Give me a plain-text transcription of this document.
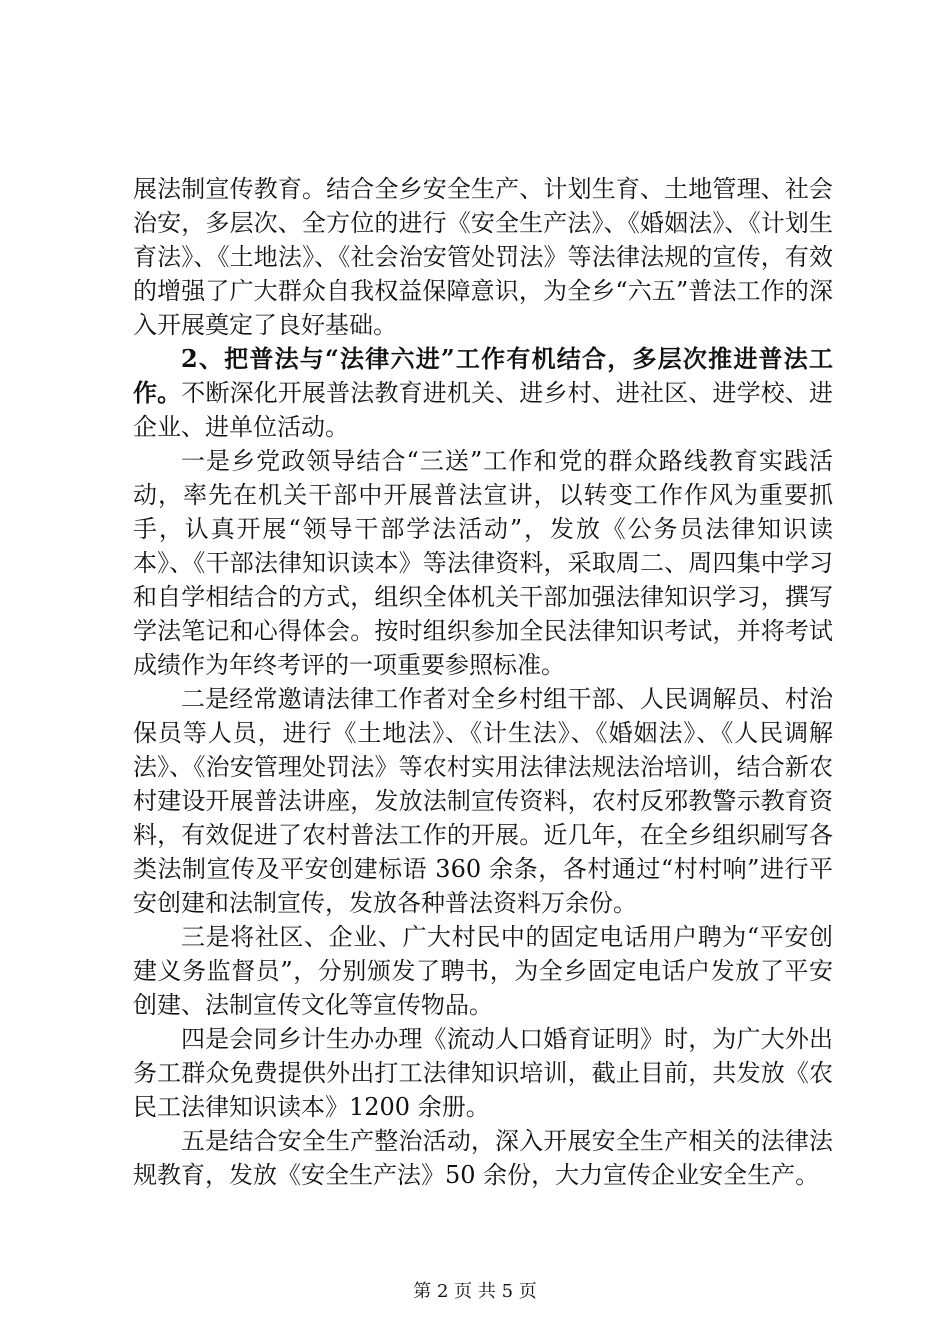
展法制宣传教育。结合全乡安全生产、计划生育、土地管理、社会治安，多层次、全方位的进行《安全生产法》、《婚姻法》、《计划生育法》、《土地法》、《社会治安管处罚法》等法律法规的宣传，有效的增强了广大群众自我权益保障意识，为全乡“六五”普法工作的深入开展奠定了良好基础。

2、把普法与“法律六进”工作有机结合，多层次推进普法工作。不断深化开展普法教育进机关、进乡村、进社区、进学校、进企业、进单位活动。

一是乡党政领导结合“三送”工作和党的群众路线教育实践活动，率先在机关干部中开展普法宣讲，以转变工作作风为重要抓手，认真开展“领导干部学法活动”，发放《公务员法律知识读本》、《干部法律知识读本》等法律资料，采取周二、周四集中学习和自学相结合的方式，组织全体机关干部加强法律知识学习，撰写学法笔记和心得体会。按时组织参加全民法律知识考试，并将考试成绩作为年终考评的一项重要参照标准。

二是经常邀请法律工作者对全乡村组干部、人民调解员、村治保员等人员，进行《土地法》、《计生法》、《婚姻法》、《人民调解法》、《治安管理处罚法》等农村实用法律法规法治培训，结合新农村建设开展普法讲座，发放法制宣传资料，农村反邪教警示教育资料，有效促进了农村普法工作的开展。近几年，在全乡组织刷写各类法制宣传及平安创建标语 360 余条，各村通过“村村响”进行平安创建和法制宣传，发放各种普法资料万余份。

三是将社区、企业、广大村民中的固定电话用户聘为“平安创建义务监督员”，分别颁发了聘书，为全乡固定电话户发放了平安创建、法制宣传文化等宣传物品。

四是会同乡计生办办理《流动人口婚育证明》时，为广大外出务工群众免费提供外出打工法律知识培训，截止目前，共发放《农民工法律知识读本》1200 余册。

五是结合安全生产整治活动，深入开展安全生产相关的法律法规教育，发放《安全生产法》50 余份，大力宣传企业安全生产。

第 2 页 共 5 页
